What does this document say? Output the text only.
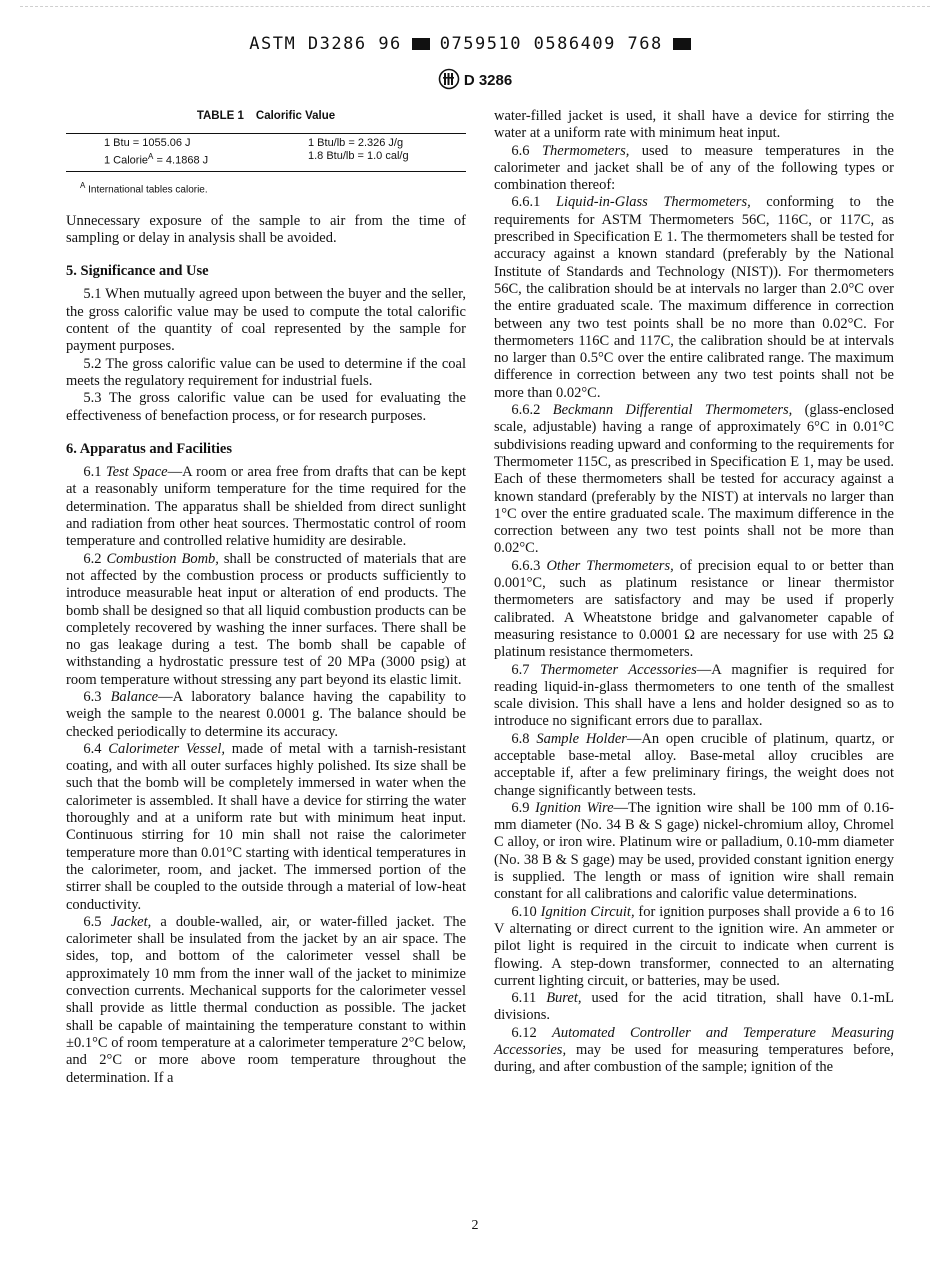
ASTM D3286 96 0759510 0586409 768
D 3286
TABLE 1 Calorific Value
1 Btu = 1055.06 J	1 Btu/lb = 2.326 J/g
1 Calorie$^A$ = 4.1868 J	1.8 Btu/lb = 1.0 cal/g
$^A$ International tables calorie.

Unnecessary exposure of the sample to air from the time of sampling or delay in analysis shall be avoided.

5. Significance and Use

5.1 When mutually agreed upon between the buyer and the seller, the gross calorific value may be used to compute the total calorific content of the quantity of coal represented by the sample for payment purposes.

5.2 The gross calorific value can be used to determine if the coal meets the regulatory requirement for industrial fuels.

5.3 The gross calorific value can be used for evaluating the effectiveness of benefaction process, or for research purposes.

6. Apparatus and Facilities

6.1 Test Space—A room or area free from drafts that can be kept at a reasonably uniform temperature for the time required for the determination. The apparatus shall be shielded from direct sunlight and radiation from other heat sources. Thermostatic control of room temperature and controlled relative humidity are desirable.

6.2 Combustion Bomb, shall be constructed of materials that are not affected by the combustion process or products sufficiently to introduce measurable heat input or alteration of end products. The bomb shall be designed so that all liquid combustion products can be completely recovered by washing the inner surfaces. There shall be no gas leakage during a test. The bomb shall be capable of withstanding a hydrostatic pressure test of 20 MPa (3000 psig) at room temperature without stressing any part beyond its elastic limit.

6.3 Balance—A laboratory balance having the capability to weigh the sample to the nearest 0.0001 g. The balance should be checked periodically to determine its accuracy.

6.4 Calorimeter Vessel, made of metal with a tarnish-resistant coating, and with all outer surfaces highly polished. Its size shall be such that the bomb will be completely immersed in water when the calorimeter is assembled. It shall have a device for stirring the water thoroughly and at a uniform rate but with minimum heat input. Continuous stirring for 10 min shall not raise the calorimeter temperature more than 0.01°C starting with identical temperatures in the calorimeter, room, and jacket. The immersed portion of the stirrer shall be coupled to the outside through a material of low-heat conductivity.

6.5 Jacket, a double-walled, air, or water-filled jacket. The calorimeter shall be insulated from the jacket by an air space. The sides, top, and bottom of the calorimeter vessel shall be approximately 10 mm from the inner wall of the jacket to minimize convection currents. Mechanical supports for the calorimeter vessel shall provide as little thermal conduction as possible. The jacket shall be capable of maintaining the temperature constant to within ±0.1°C of room temperature at a calorimeter temperature 2°C below, and 2°C or more above room temperature throughout the determination. If a

water-filled jacket is used, it shall have a device for stirring the water at a uniform rate with minimum heat input.

6.6 Thermometers, used to measure temperatures in the calorimeter and jacket shall be of any of the following types or combination thereof:

6.6.1 Liquid-in-Glass Thermometers, conforming to the requirements for ASTM Thermometers 56C, 116C, or 117C, as prescribed in Specification E 1. The thermometers shall be tested for accuracy against a known standard (preferably by the National Institute of Standards and Technology (NIST)). For thermometers 56C, the calibration should be at intervals no larger than 2.0°C over the entire graduated scale. The maximum difference in correction between any two test points shall be no more than 0.02°C. For thermometers 116C and 117C, the calibration should be at intervals no larger than 0.5°C over the entire calibrated range. The maximum difference in correction between any two test points shall not be more than 0.02°C.

6.6.2 Beckmann Differential Thermometers, (glass-enclosed scale, adjustable) having a range of approximately 6°C in 0.01°C subdivisions reading upward and conforming to the requirements for Thermometer 115C, as prescribed in Specification E 1, may be used. Each of these thermometers shall be tested for accuracy against a known standard (preferably by the NIST) at intervals no larger than 1°C over the entire graduated scale. The maximum difference in the correction between any two test points shall not be more than 0.02°C.

6.6.3 Other Thermometers, of precision equal to or better than 0.001°C, such as platinum resistance or linear thermistor thermometers are satisfactory and may be used if properly calibrated. A Wheatstone bridge and galvanometer capable of measuring resistance to 0.0001 Ω are necessary for use with 25 Ω platinum resistance thermometers.

6.7 Thermometer Accessories—A magnifier is required for reading liquid-in-glass thermometers to one tenth of the smallest scale division. This shall have a lens and holder designed so as to introduce no significant errors due to parallax.

6.8 Sample Holder—An open crucible of platinum, quartz, or acceptable base-metal alloy. Base-metal alloy crucibles are acceptable if, after a few preliminary firings, the weight does not change significantly between tests.

6.9 Ignition Wire—The ignition wire shall be 100 mm of 0.16-mm diameter (No. 34 B & S gage) nickel-chromium alloy, Chromel C alloy, or iron wire. Platinum wire or palladium, 0.10-mm diameter (No. 38 B & S gage) may be used, provided constant ignition energy is supplied. The length or mass of ignition wire shall remain constant for all calibrations and calorific value determinations.

6.10 Ignition Circuit, for ignition purposes shall provide a 6 to 16 V alternating or direct current to the ignition wire. An ammeter or pilot light is required in the circuit to indicate when current is flowing. A step-down transformer, connected to an alternating current lighting circuit, or batteries, may be used.

6.11 Buret, used for the acid titration, shall have 0.1-mL divisions.

6.12 Automated Controller and Temperature Measuring Accessories, may be used for measuring temperatures before, during, and after combustion of the sample; ignition of the

2
